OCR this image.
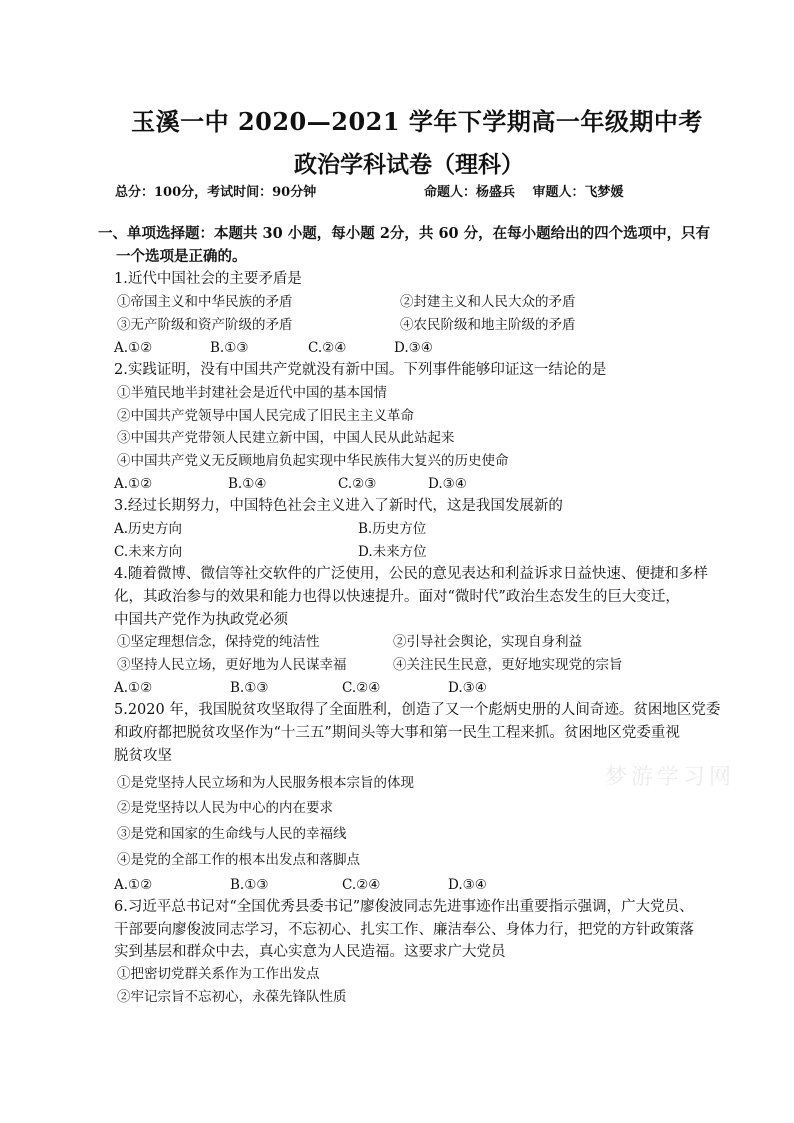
玉溪一中 2020—2021 学年下学期高一年级期中考
政治学科试卷（理科）
总分：100分，考试时间：90分钟	命题人：杨盛兵　 审题人：飞梦媛
一、单项选择题：本题共 30 小题，每小题 2分，共 60 分，在每小题给出的四个选项中，只有
一个选项是正确的。
1.近代中国社会的主要矛盾是
①帝国主义和中华民族的矛盾	②封建主义和人民大众的矛盾
③无产阶级和资产阶级的矛盾	④农民阶级和地主阶级的矛盾
A.①②	B.①③	C.②④	D.③④
2.实践证明，没有中国共产党就没有新中国。下列事件能够印证这一结论的是
①半殖民地半封建社会是近代中国的基本国情
②中国共产党领导中国人民完成了旧民主主义革命
③中国共产党带领人民建立新中国，中国人民从此站起来
④中国共产党义无反顾地肩负起实现中华民族伟大复兴的历史使命
A.①②	B.①④	C.②③	D.③④
3.经过长期努力，中国特色社会主义进入了新时代，这是我国发展新的
A.历史方向	B.历史方位
C.未来方向	D.未来方位
4.随着微博、微信等社交软件的广泛使用，公民的意见表达和利益诉求日益快速、便捷和多样
化，其政治参与的效果和能力也得以快速提升。面对“微时代”政治生态发生的巨大变迁，
中国共产党作为执政党必须
①坚定理想信念，保持党的纯洁性	②引导社会舆论，实现自身利益
③坚持人民立场，更好地为人民谋幸福	④关注民生民意，更好地实现党的宗旨
A.①②	B.①③	C.②④	D.③④
5.2020 年，我国脱贫攻坚取得了全面胜利，创造了又一个彪炳史册的人间奇迹。贫困地区党委
和政府都把脱贫攻坚作为“十三五”期间头等大事和第一民生工程来抓。贫困地区党委重视
脱贫攻坚
①是党坚持人民立场和为人民服务根本宗旨的体现
②是党坚持以人民为中心的内在要求
③是党和国家的生命线与人民的幸福线
④是党的全部工作的根本出发点和落脚点
A.①②	B.①③	C.②④	D.③④
6.习近平总书记对“全国优秀县委书记”廖俊波同志先进事迹作出重要指示强调，广大党员、
干部要向廖俊波同志学习，不忘初心、扎实工作、廉洁奉公、身体力行，把党的方针政策落
实到基层和群众中去，真心实意为人民造福。这要求广大党员
①把密切党群关系作为工作出发点
②牢记宗旨不忘初心，永葆先锋队性质
梦游学习网
